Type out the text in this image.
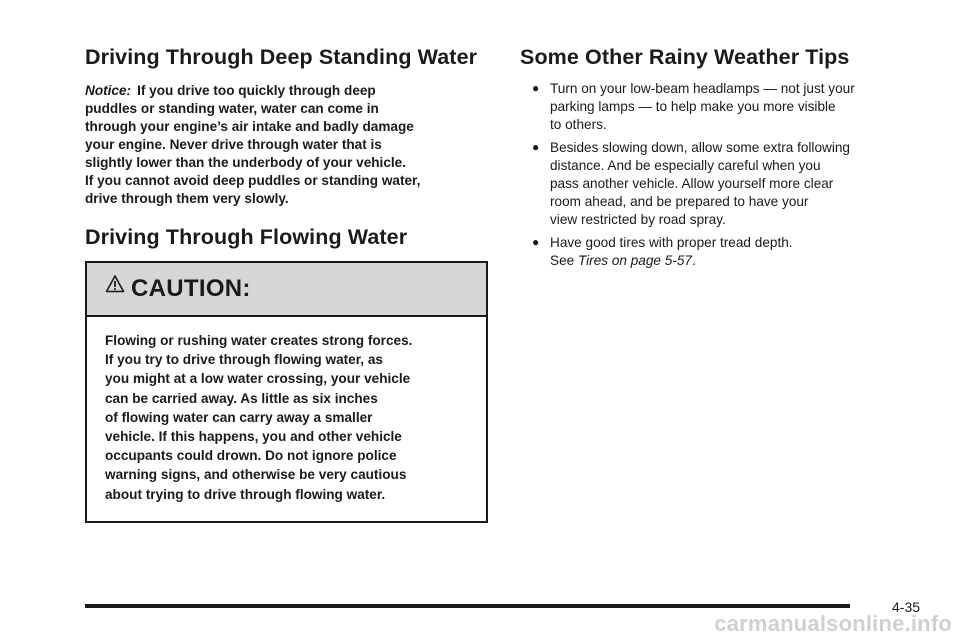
Driving Through Deep Standing Water
Notice: If you drive too quickly through deep
puddles or standing water, water can come in
through your engine’s air intake and badly damage
your engine. Never drive through water that is
slightly lower than the underbody of your vehicle.
If you cannot avoid deep puddles or standing water,
drive through them very slowly.
Driving Through Flowing Water
CAUTION:
Flowing or rushing water creates strong forces.
If you try to drive through flowing water, as
you might at a low water crossing, your vehicle
can be carried away. As little as six inches
of flowing water can carry away a smaller
vehicle. If this happens, you and other vehicle
occupants could drown. Do not ignore police
warning signs, and otherwise be very cautious
about trying to drive through flowing water.
Some Other Rainy Weather Tips
● Turn on your low-beam headlamps — not just your
parking lamps — to help make you more visible
to others.
● Besides slowing down, allow some extra following
distance. And be especially careful when you
pass another vehicle. Allow yourself more clear
room ahead, and be prepared to have your
view restricted by road spray.
● Have good tires with proper tread depth.
See Tires on page 5-57.
4-35
carmanualsonline.info
